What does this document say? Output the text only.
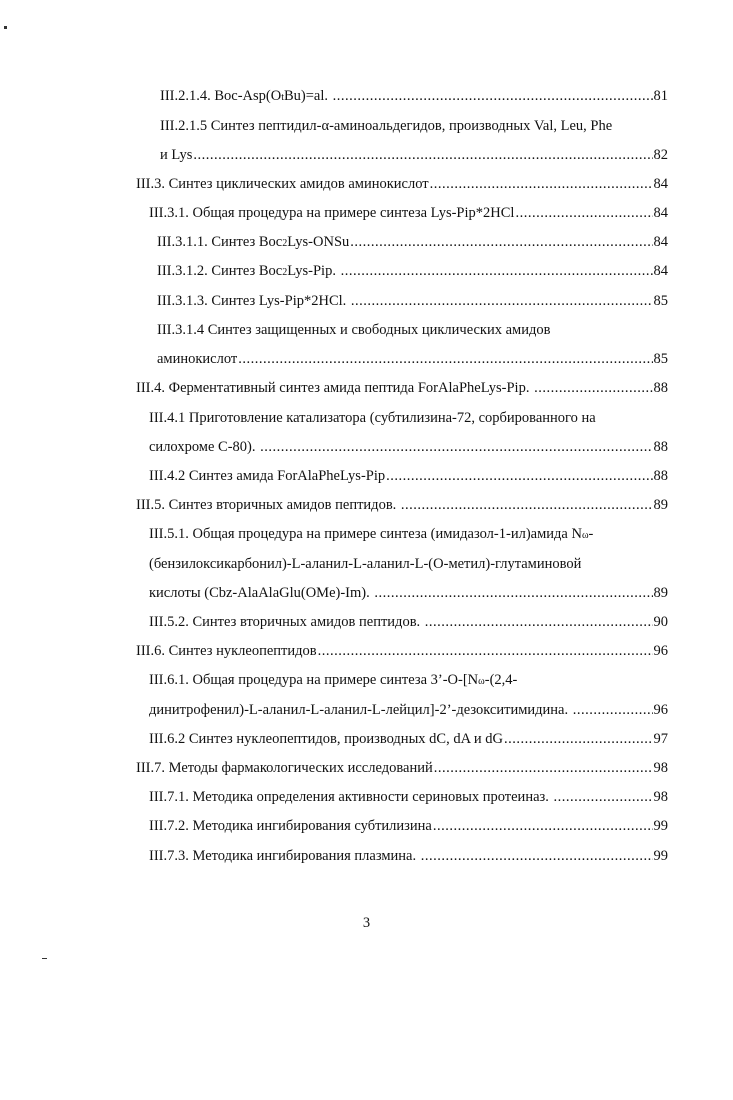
III.2.1.4. Boc-Asp(O t Bu)=al. .....	81
III.2.1.5 Синтез пептидил-α-аминоальдегидов, производных Val, Leu, Phe
и Lys .....	82
III.3. Синтез циклических амидов аминокислот .....	84
III.3.1. Общая процедура на примере синтеза Lys-Pip*2HCl .....	84
III.3.1.1. Синтез Boc 2 Lys-ONSu .....	84
III.3.1.2. Синтез Boc 2 Lys-Pip. .....	84
III.3.1.3. Синтез Lys-Pip*2HCl. .....	85
III.3.1.4 Синтез защищенных и свободных циклических амидов
аминокислот .....	85
III.4. Ферментативный синтез амида пептида ForAlaPheLys-Pip. .....	88
III.4.1 Приготовление катализатора (субтилизина-72, сорбированного на
силохроме С-80). .....	88
III.4.2 Синтез амида ForAlaPheLys-Pip .....	88
III.5. Синтез вторичных амидов пептидов. .....	89
III.5.1. Общая процедура на примере синтеза (имидазол-1-ил)амида N ω -
(бензилоксикарбонил)-L-аланил-L-аланил-L-(О-метил)-глутаминовой
кислоты (Cbz-AlaAlaGlu(OMe)-Im). .....	89
III.5.2. Синтез вторичных амидов пептидов. .....	90
III.6. Синтез нуклеопептидов .....	96
III.6.1. Общая процедура на примере синтеза 3’-O-[N ω -(2,4-
динитрофенил)-L-аланил-L-аланил-L-лейцил]-2’-дезокситимидина. .....	96
III.6.2 Синтез нуклеопептидов, производных dC, dA и dG .....	97
III.7. Методы фармакологических исследований .....	98
III.7.1. Методика определения активности сериновых протеиназ. .....	98
III.7.2. Методика ингибирования субтилизина .....	99
III.7.3. Методика ингибирования плазмина. .....	99
3
